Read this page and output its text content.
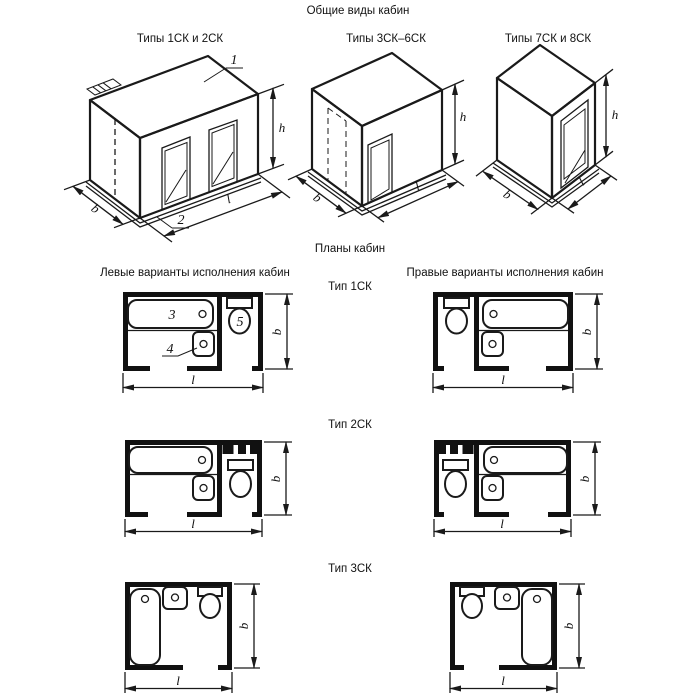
Общие виды кабин
Типы 1СК и 2СК	Типы 3СК–6СК	Типы 7СК и 8СК
h
b
l
1
2
h
b
l
h
b
l
Планы кабин
Левые варианты исполнения кабин	Правые варианты исполнения кабин
Тип 1СК
Тип 2СК
Тип 3СК
3
4
5
b
l
b
l
b
l
b
l
b
l
b
l
